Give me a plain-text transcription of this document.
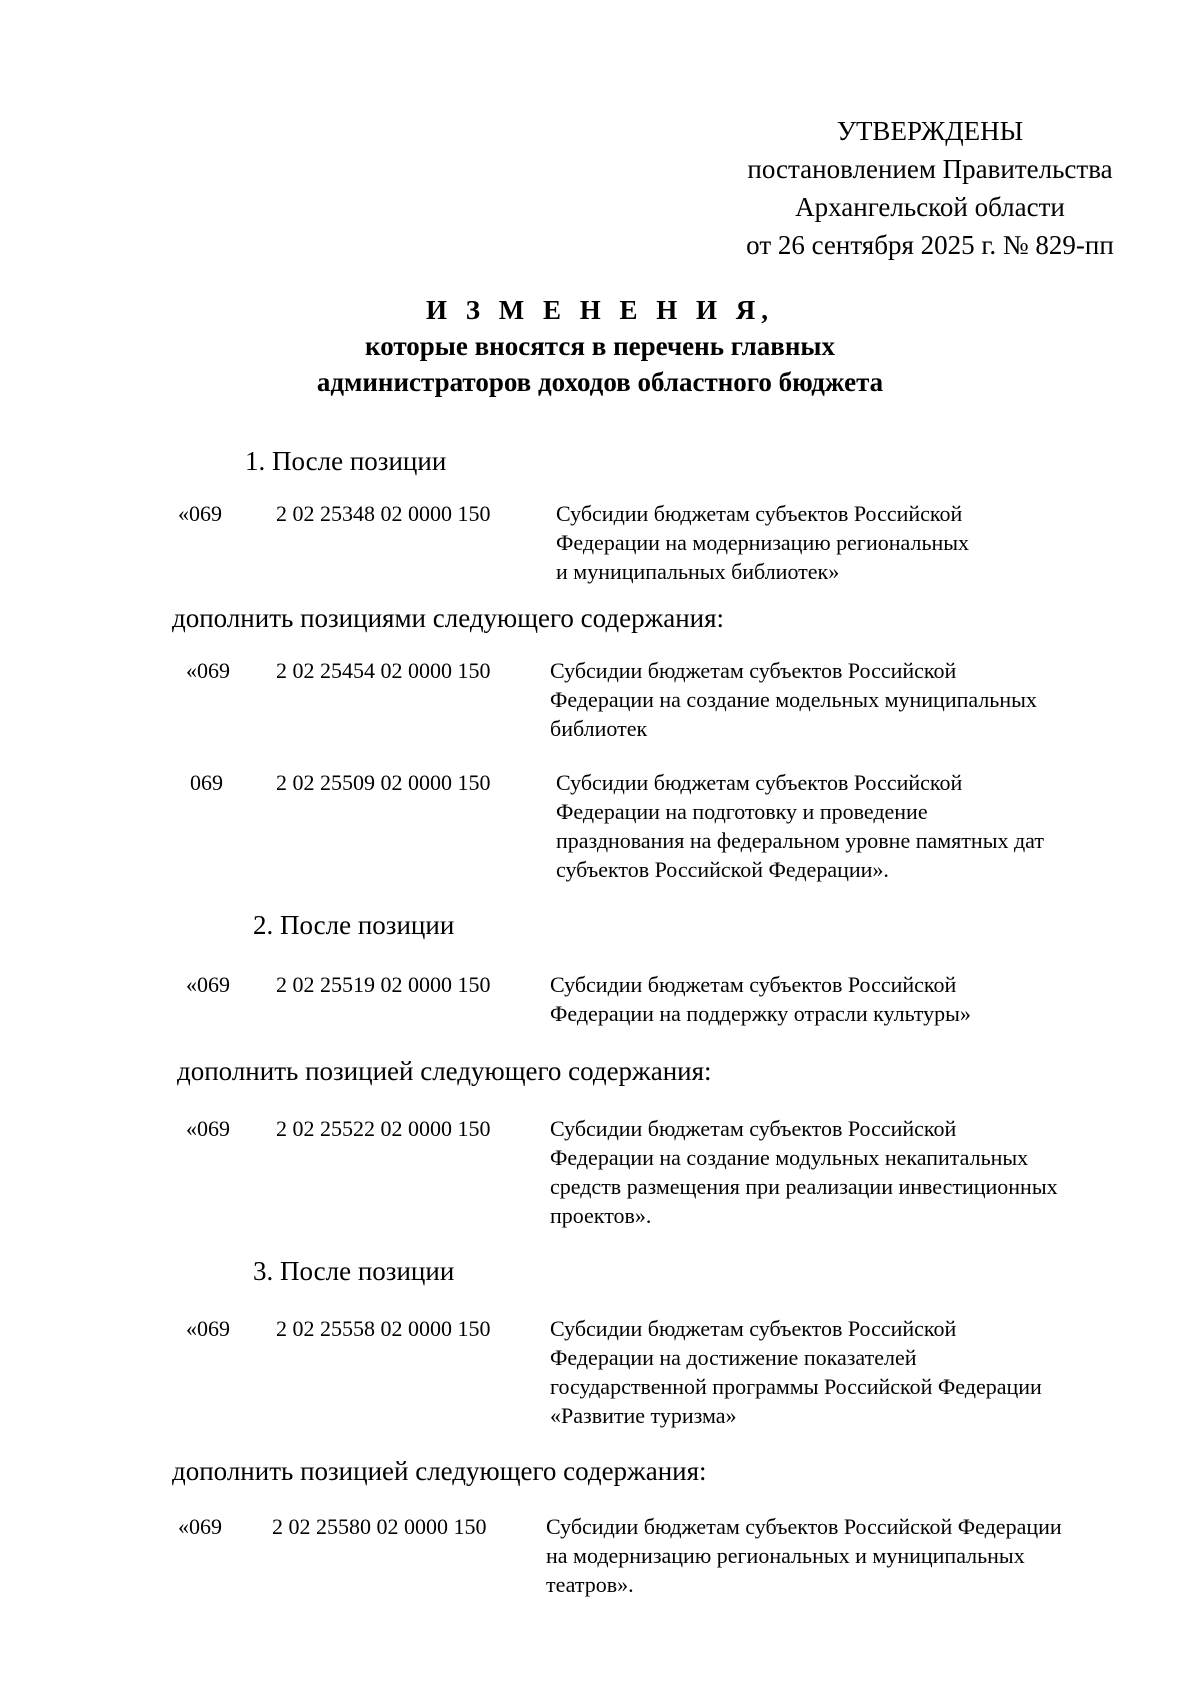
УТВЕРЖДЕНЫ
постановлением Правительства
Архангельской области
от 26 сентября 2025 г. № 829-пп
И З М Е Н Е Н И Я,
которые вносятся в перечень главных
администраторов доходов областного бюджета
1. После позиции
«069 2 02 25348 02 0000 150	Субсидии бюджетам субъектов Российской
Федерации на модернизацию региональных
и муниципальных библиотек»
дополнить позициями следующего содержания:
«069 2 02 25454 02 0000 150	Субсидии бюджетам субъектов Российской
Федерации на создание модельных муниципальных
библиотек
069 2 02 25509 02 0000 150	Субсидии бюджетам субъектов Российской
Федерации на подготовку и проведение
празднования на федеральном уровне памятных дат
субъектов Российской Федерации».
2. После позиции
«069 2 02 25519 02 0000 150	Субсидии бюджетам субъектов Российской
Федерации на поддержку отрасли культуры»
дополнить позицией следующего содержания:
«069 2 02 25522 02 0000 150	Субсидии бюджетам субъектов Российской
Федерации на создание модульных некапитальных
средств размещения при реализации инвестиционных
проектов».
3. После позиции
«069 2 02 25558 02 0000 150	Субсидии бюджетам субъектов Российской
Федерации на достижение показателей
государственной программы Российской Федерации
«Развитие туризма»
дополнить позицией следующего содержания:
«069 2 02 25580 02 0000 150	Субсидии бюджетам субъектов Российской Федерации
на модернизацию региональных и муниципальных
театров».
